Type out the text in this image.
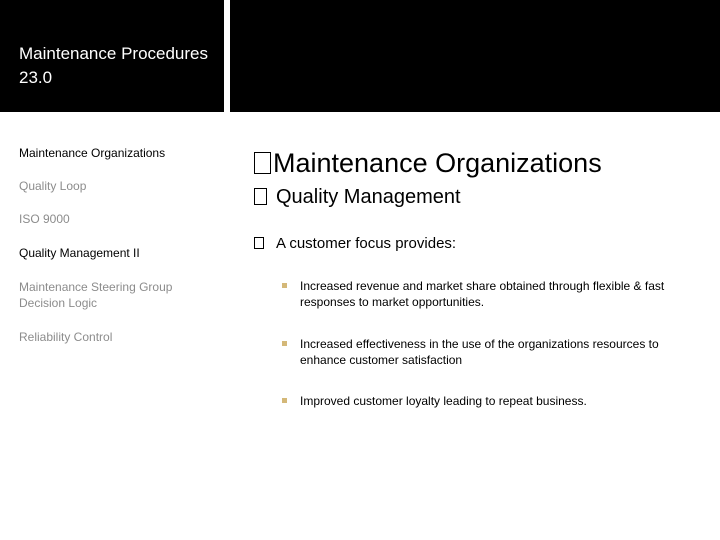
Maintenance Procedures 23.0
Maintenance Organizations
Quality Loop
ISO 9000
Quality Management II
Maintenance Steering Group Decision Logic
Reliability Control
Maintenance Organizations
Quality Management
A customer focus provides:
Increased revenue and market share obtained through flexible & fast responses to market opportunities.
Increased effectiveness in the use of the organizations resources to enhance customer satisfaction
Improved customer loyalty leading to repeat business.
